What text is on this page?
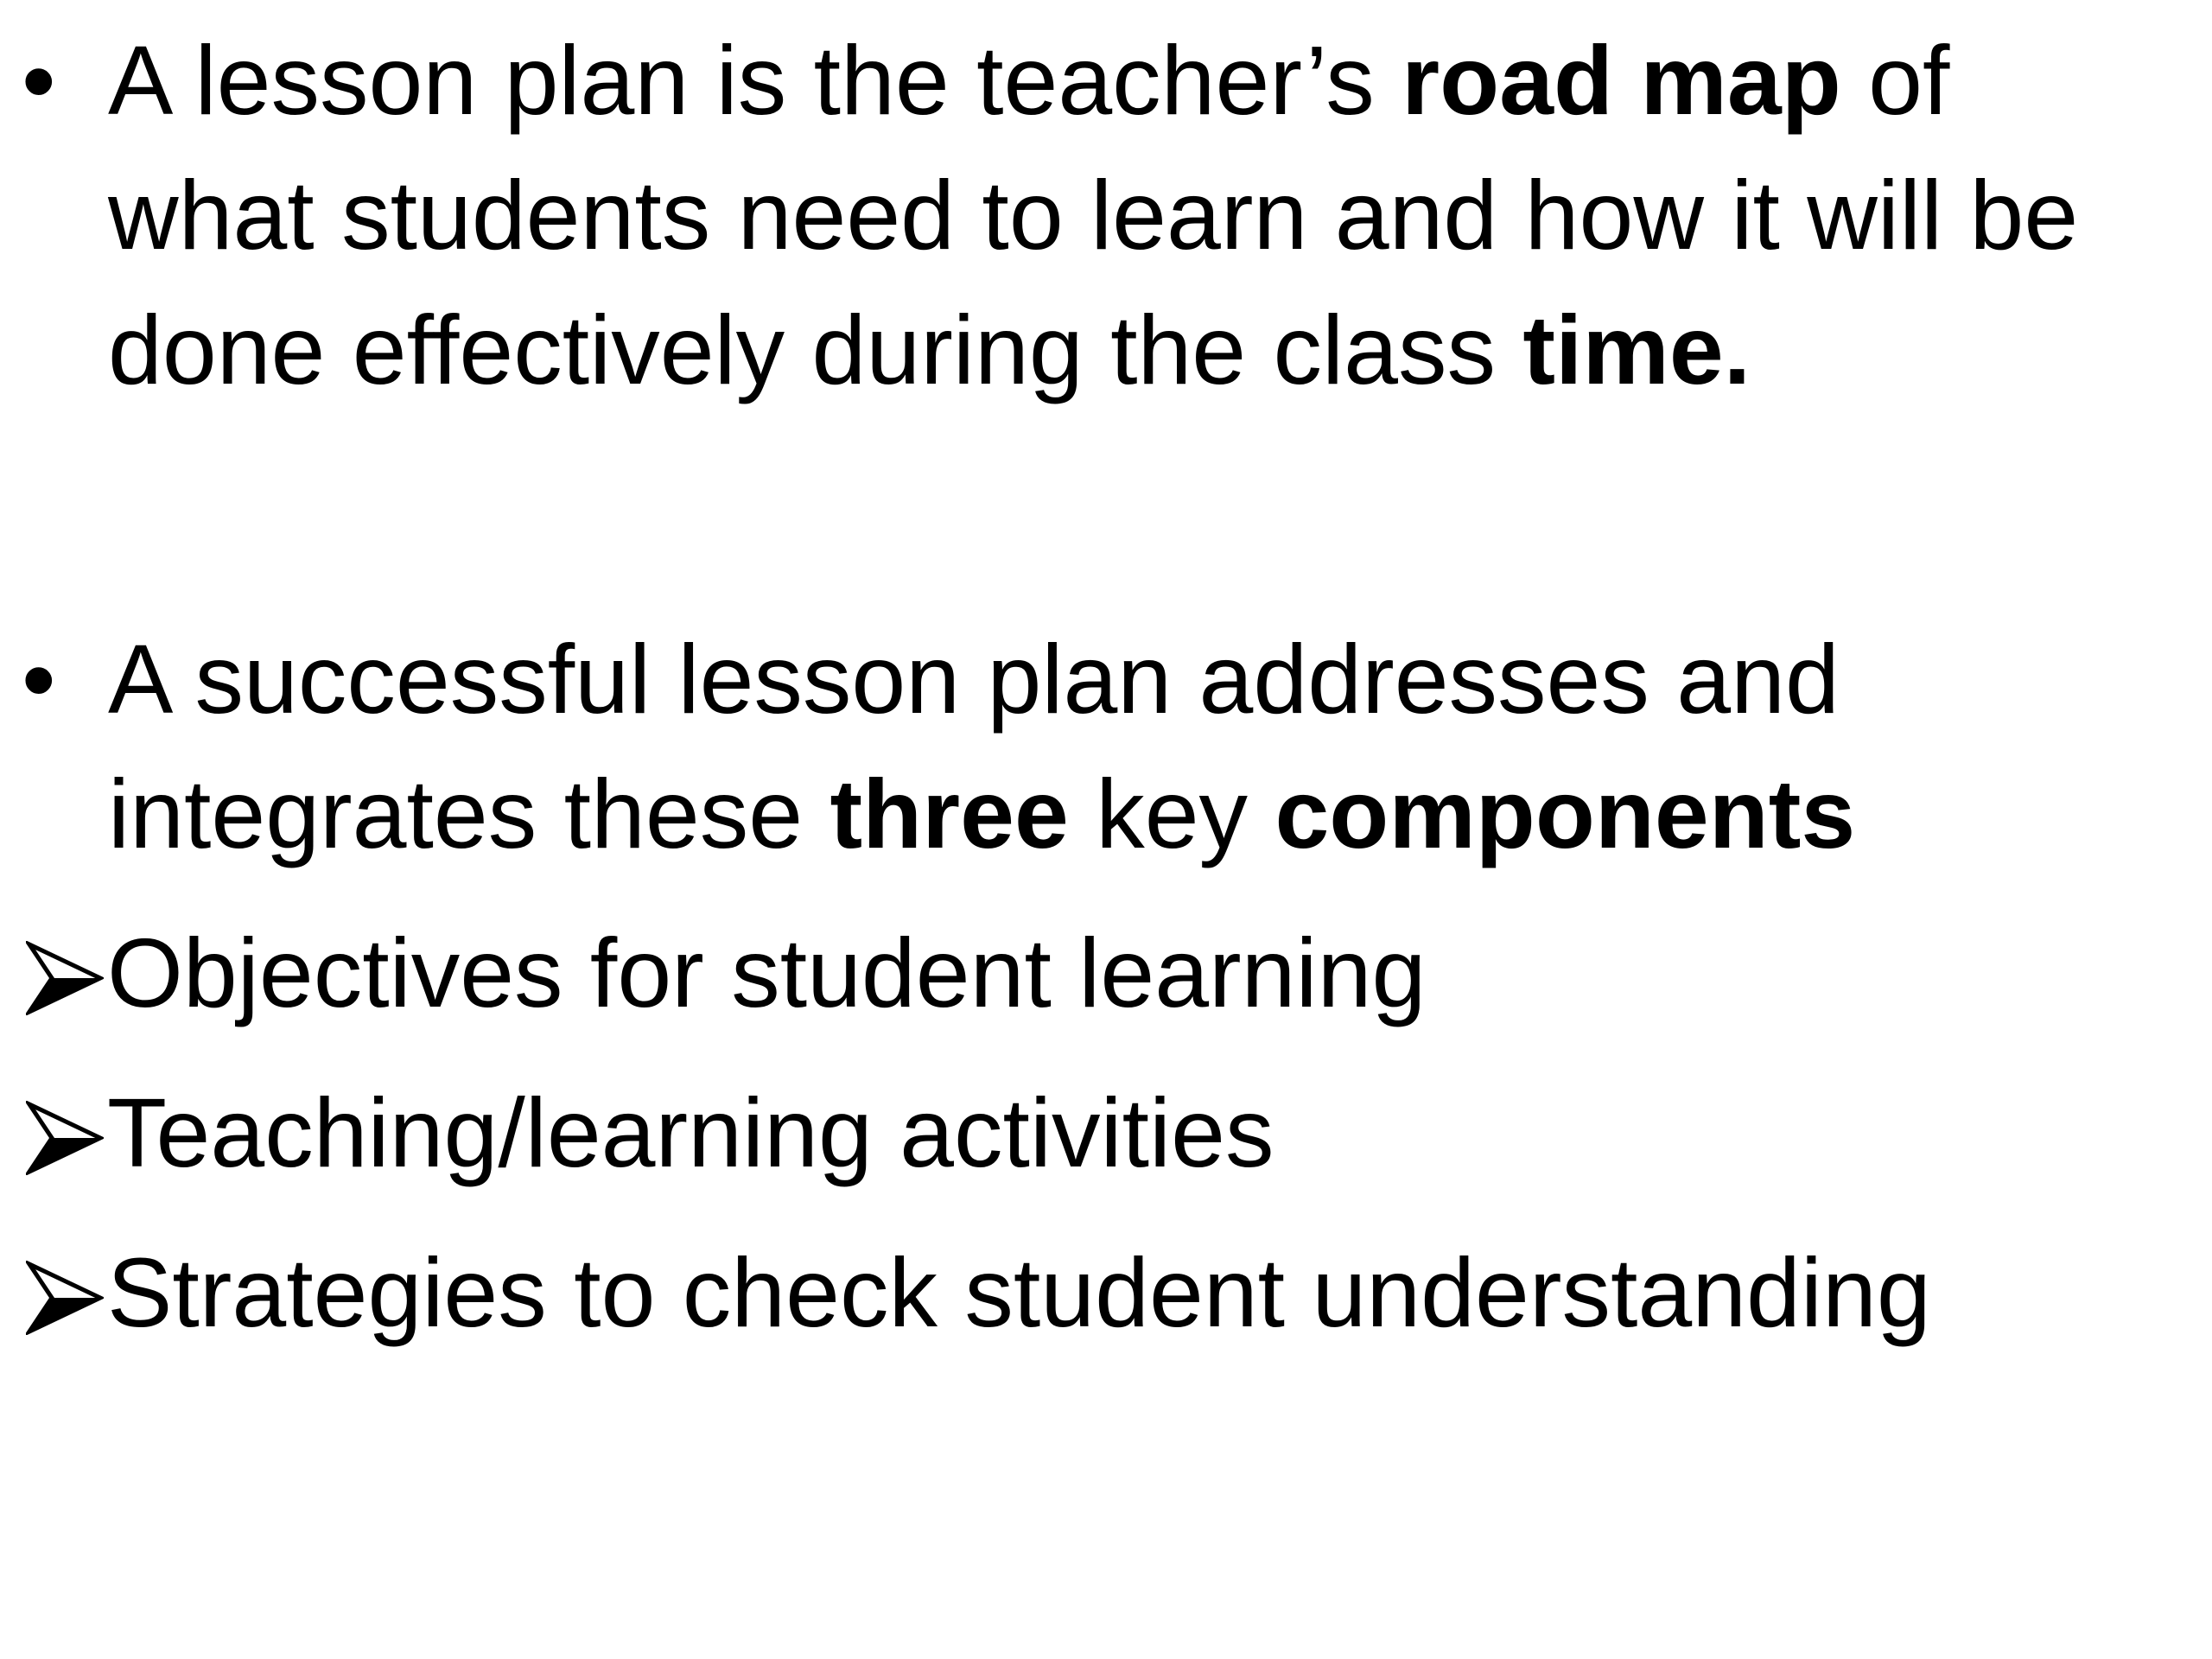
• A lesson plan is the teacher’s road map of
what students need to learn and how it will be
done effectively during the class time.
• A successful lesson plan addresses and
integrates these three key components
Objectives for student learning
Teaching/learning activities
Strategies to check student understanding
